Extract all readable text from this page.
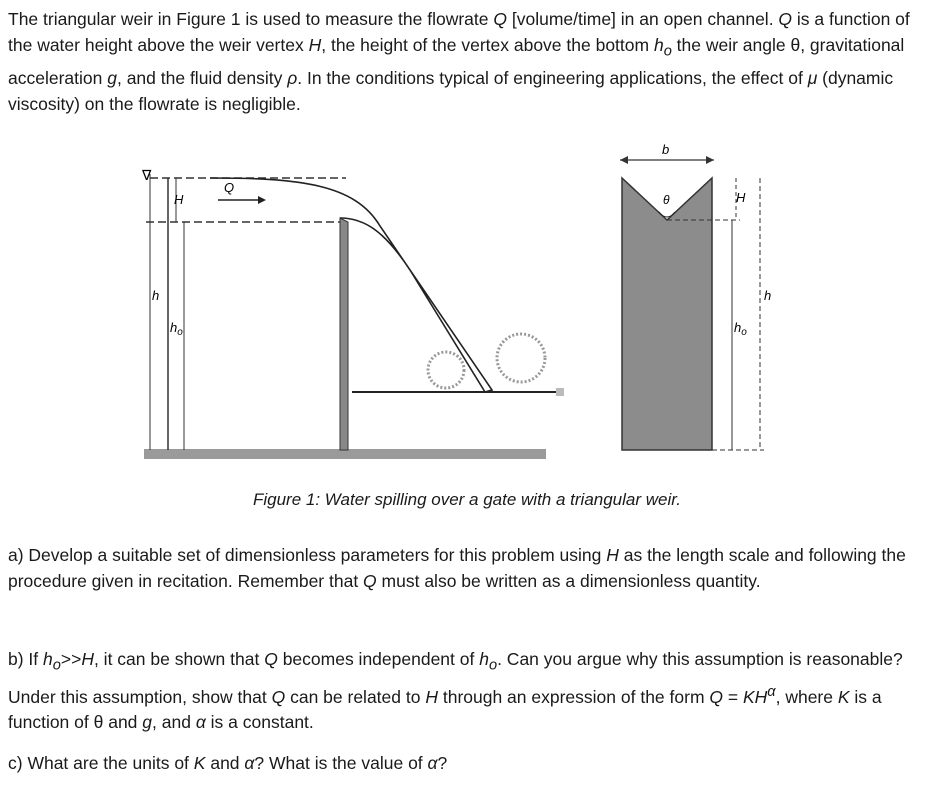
The triangular weir in Figure 1 is used to measure the flowrate Q [volume/time] in an open channel. Q is a function of the water height above the weir vertex H, the height of the vertex above the bottom $h_o$ the weir angle θ, gravitational acceleration g, and the fluid density ρ. In the conditions typical of engineering applications, the effect of μ (dynamic viscosity) on the flowrate is negligible.

∇
H
Q
h
$h_o$
b
θ	H
h
$h_o$
Figure 1: Water spilling over a gate with a triangular weir.

a) Develop a suitable set of dimensionless parameters for this problem using H as the length scale and following the procedure given in recitation. Remember that Q must also be written as a dimensionless quantity.

b) If $h_o>>H$, it can be shown that Q becomes independent of $h_o$. Can you argue why this assumption is reasonable? Under this assumption, show that Q can be related to H through an expression of the form $Q = KH^\alpha$, where K is a function of θ and g, and α is a constant.

c) What are the units of K and α? What is the value of α?
